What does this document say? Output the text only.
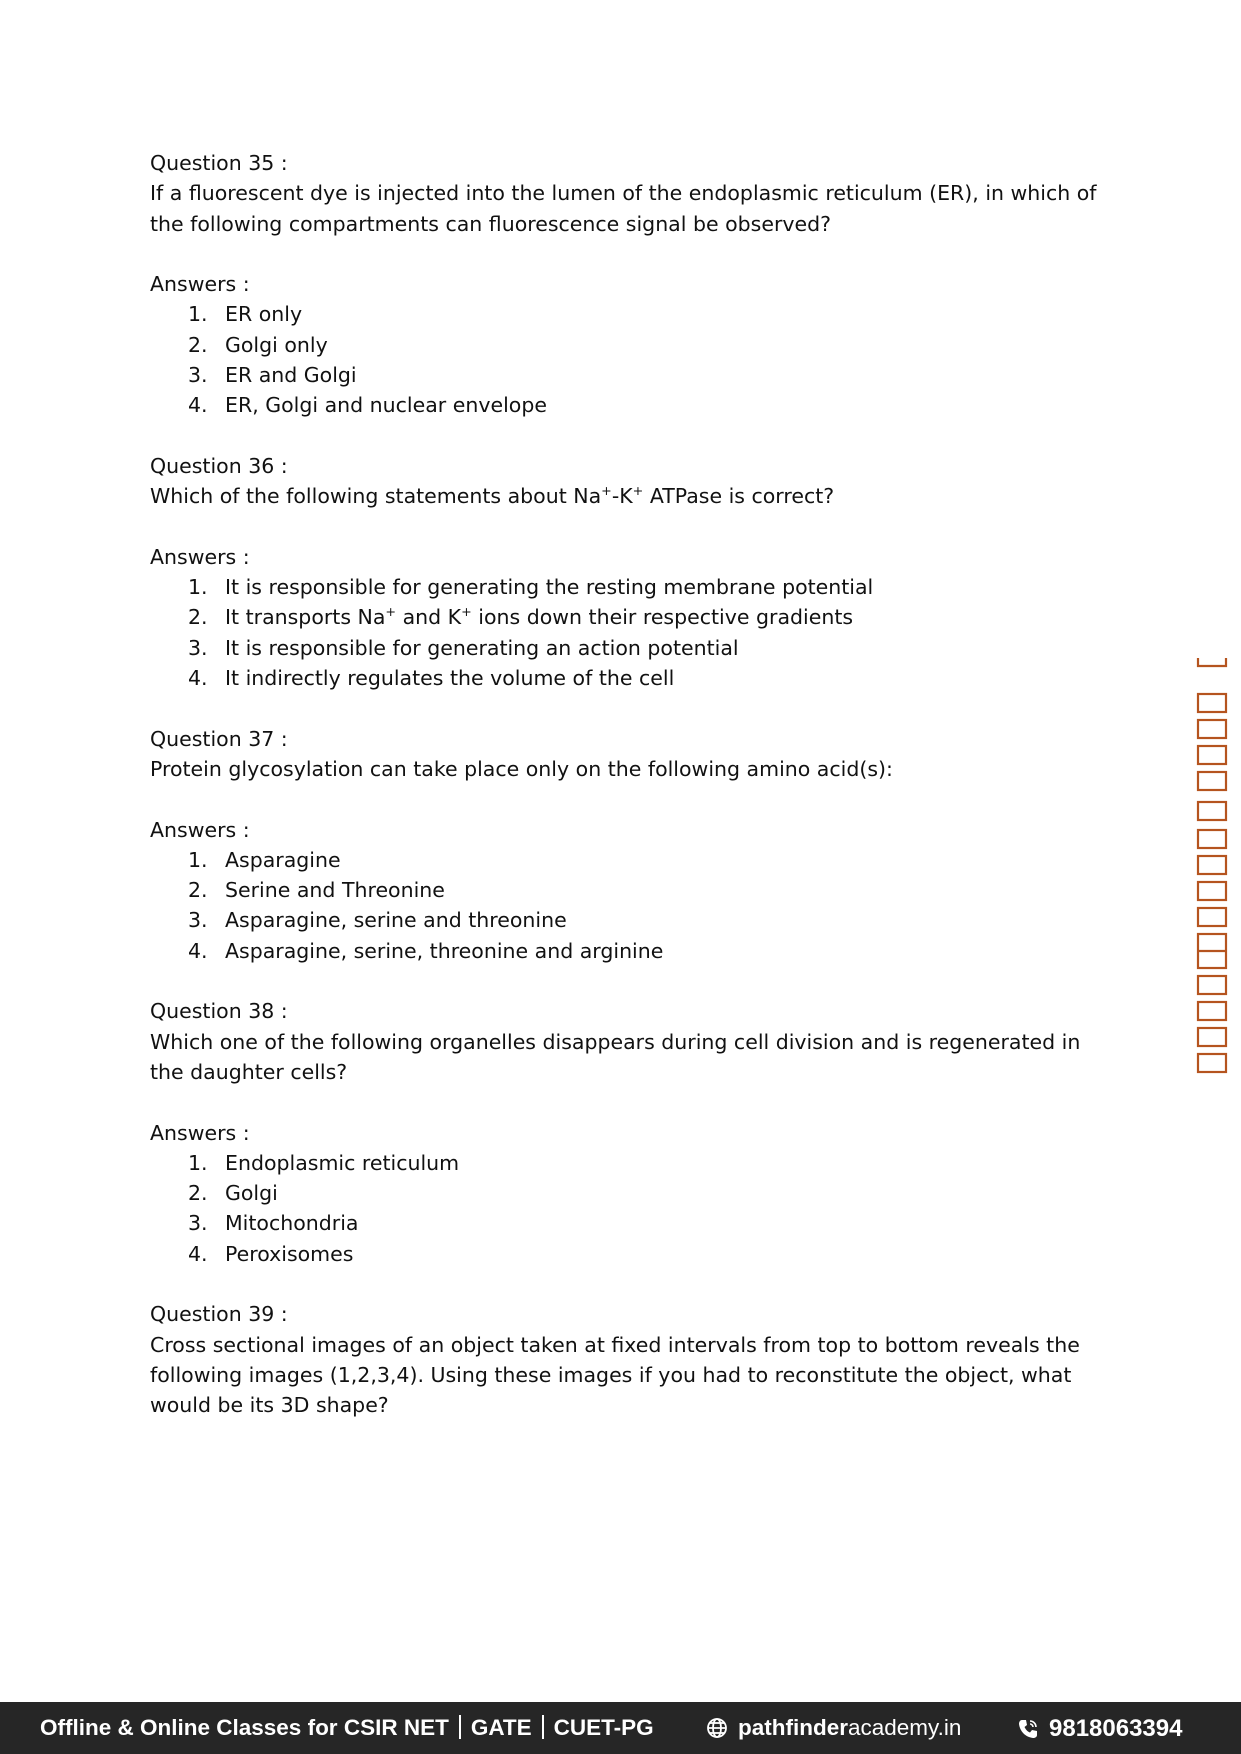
Question 35 :

If a fluorescent dye is injected into the lumen of the endoplasmic reticulum (ER), in which of the following compartments can fluorescence signal be observed?

Answers :

1. ER only
2. Golgi only
3. ER and Golgi
4. ER, Golgi and nuclear envelope

Question 36 :

Which of the following statements about Na+-K+ ATPase is correct?

Answers :

1. It is responsible for generating the resting membrane potential
2. It transports Na+ and K+ ions down their respective gradients
3. It is responsible for generating an action potential
4. It indirectly regulates the volume of the cell

Question 37 :

Protein glycosylation can take place only on the following amino acid(s):

Answers :

1. Asparagine
2. Serine and Threonine
3. Asparagine, serine and threonine
4. Asparagine, serine, threonine and arginine

Question 38 :

Which one of the following organelles disappears during cell division and is regenerated in the daughter cells?

Answers :

1. Endoplasmic reticulum
2. Golgi
3. Mitochondria
4. Peroxisomes

Question 39 :

Cross sectional images of an object taken at fixed intervals from top to bottom reveals the following images (1,2,3,4). Using these images if you had to reconstitute the object, what would be its 3D shape?

Offline & Online Classes for CSIR NET GATE CUET-PG	pathfinderacademy.in	9818063394
